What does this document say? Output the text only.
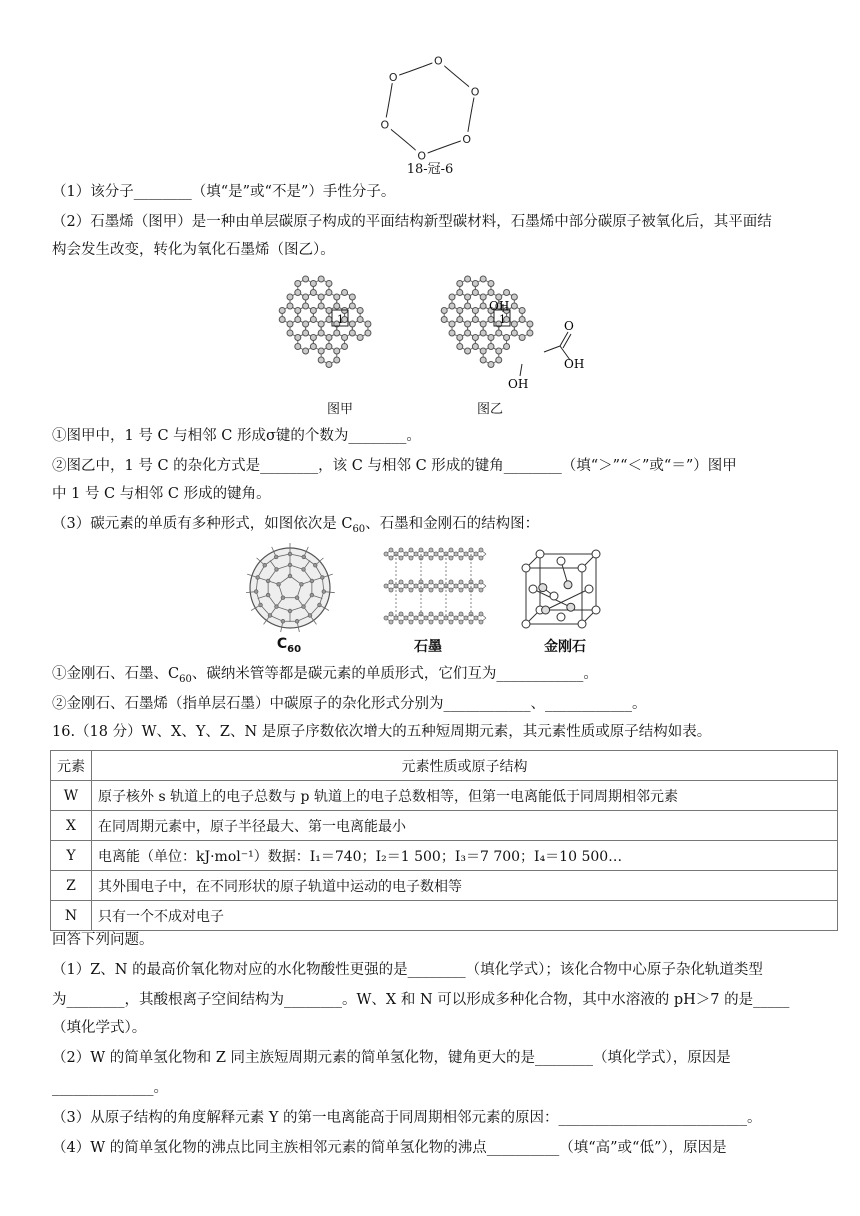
O
O
O
O
O
O
18-冠-6
（1）该分子________（填“是”或“不是”）手性分子。
（2）石墨烯（图甲）是一种由单层碳原子构成的平面结构新型碳材料，石墨烯中部分碳原子被氧化后，其平面结
构会发生改变，转化为氧化石墨烯（图乙）。
1	1
OH
OH
O
OH
图甲	图乙
①图甲中，1 号 C 与相邻 C 形成σ键的个数为________。
②图乙中，1 号 C 的杂化方式是________，该 C 与相邻 C 形成的键角________（填“＞”“＜”或“＝”）图甲
中 1 号 C 与相邻 C 形成的键角。
（3）碳元素的单质有多种形式，如图依次是 $C_{60}$、石墨和金刚石的结构图：
$C_{60}$	石墨	金刚石
①金刚石、石墨、$C_{60}$、碳纳米管等都是碳元素的单质形式，它们互为____________。
②金刚石、石墨烯（指单层石墨）中碳原子的杂化形式分别为____________、____________。
16.（18 分）W、X、Y、Z、N 是原子序数依次增大的五种短周期元素，其元素性质或原子结构如表。
元素	元素性质或原子结构
W	原子核外 s 轨道上的电子总数与 p 轨道上的电子总数相等，但第一电离能低于同周期相邻元素
X	在同周期元素中，原子半径最大、第一电离能最小
Y	电离能（单位：kJ·mol⁻¹）数据：I₁＝740；I₂＝1 500；I₃＝7 700；I₄＝10 500…
Z	其外围电子中，在不同形状的原子轨道中运动的电子数相等
N	只有一个不成对电子
回答下列问题。
（1）Z、N 的最高价氧化物对应的水化物酸性更强的是________（填化学式）；该化合物中心原子杂化轨道类型
为________，其酸根离子空间结构为________。W、X 和 N 可以形成多种化合物，其中水溶液的 pH＞7 的是_____
（填化学式）。
（2）W 的简单氢化物和 Z 同主族短周期元素的简单氢化物，键角更大的是________（填化学式），原因是
______________。
（3）从原子结构的角度解释元素 Y 的第一电离能高于同周期相邻元素的原因：__________________________。
（4）W 的简单氢化物的沸点比同主族相邻元素的简单氢化物的沸点__________（填“高”或“低”），原因是
